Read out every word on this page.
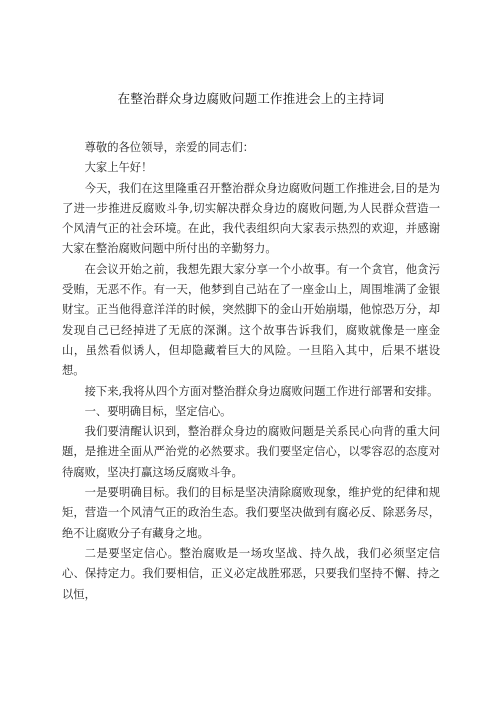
在整治群众身边腐败问题工作推进会上的主持词

尊敬的各位领导，亲爱的同志们：

大家上午好！

今天，我们在这里隆重召开整治群众身边腐败问题工作推进会,目的是为了进一步推进反腐败斗争,切实解决群众身边的腐败问题,为人民群众营造一个风清气正的社会环境。在此，我代表组织向大家表示热烈的欢迎，并感谢大家在整治腐败问题中所付出的辛勤努力。

在会议开始之前，我想先跟大家分享一个小故事。有一个贪官，他贪污受贿，无恶不作。有一天，他梦到自己站在了一座金山上，周围堆满了金银财宝。正当他得意洋洋的时候，突然脚下的金山开始崩塌，他惊恐万分，却发现自己已经掉进了无底的深渊。这个故事告诉我们，腐败就像是一座金山，虽然看似诱人，但却隐藏着巨大的风险。一旦陷入其中，后果不堪设想。

接下来,我将从四个方面对整治群众身边腐败问题工作进行部署和安排。

一、要明确目标，坚定信心。

我们要清醒认识到，整治群众身边的腐败问题是关系民心向背的重大问题，是推进全面从严治党的必然要求。我们要坚定信心，以零容忍的态度对待腐败，坚决打赢这场反腐败斗争。

一是要明确目标。我们的目标是坚决清除腐败现象，维护党的纪律和规矩，营造一个风清气正的政治生态。我们要坚决做到有腐必反、除恶务尽，绝不让腐败分子有藏身之地。

二是要坚定信心。整治腐败是一场攻坚战、持久战，我们必须坚定信心、保持定力。我们要相信，正义必定战胜邪恶，只要我们坚持不懈、持之以恒，
